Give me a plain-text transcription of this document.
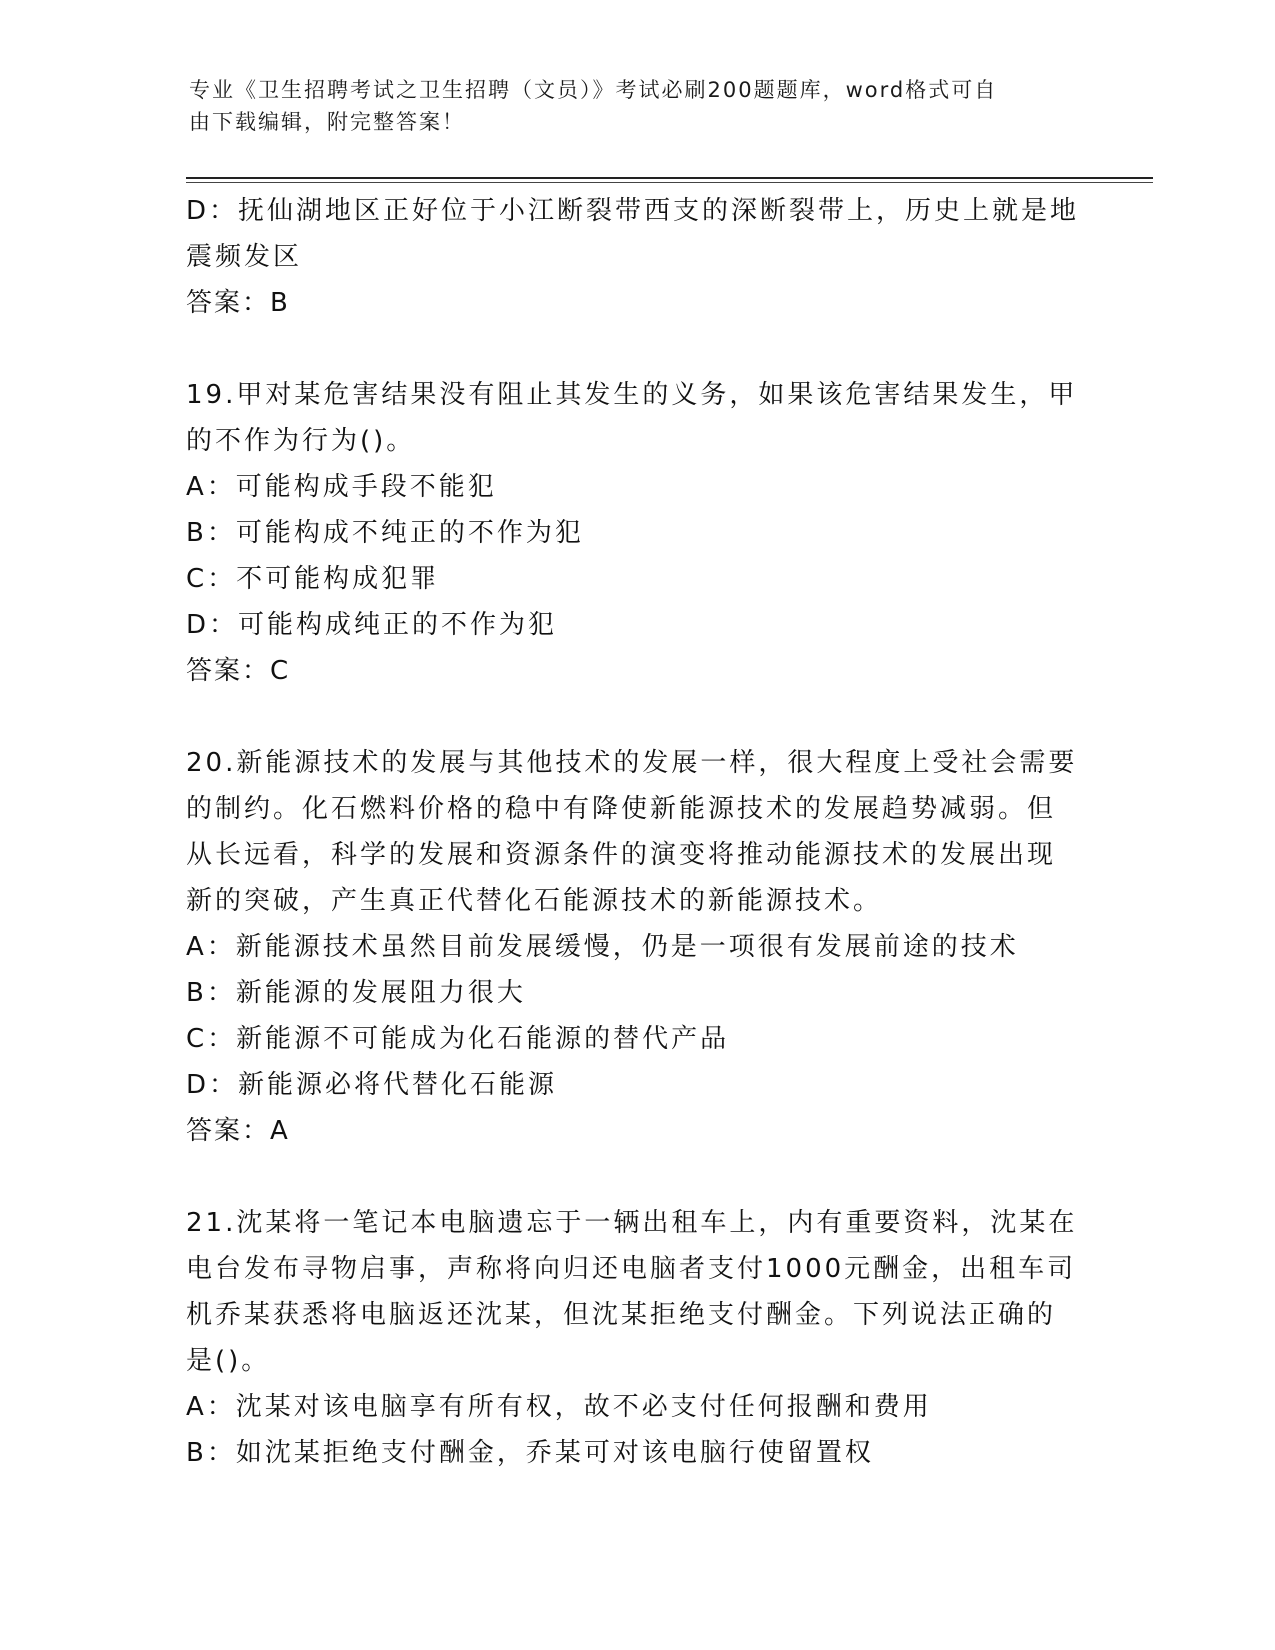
专业《卫生招聘考试之卫生招聘（文员）》考试必刷200题题库，word格式可自
由下载编辑，附完整答案！
D：抚仙湖地区正好位于小江断裂带西支的深断裂带上，历史上就是地
震频发区
答案：B
19.甲对某危害结果没有阻止其发生的义务，如果该危害结果发生，甲
的不作为行为()。
A：可能构成手段不能犯
B：可能构成不纯正的不作为犯
C：不可能构成犯罪
D：可能构成纯正的不作为犯
答案：C
20.新能源技术的发展与其他技术的发展一样，很大程度上受社会需要
的制约。化石燃料价格的稳中有降使新能源技术的发展趋势减弱。但
从长远看，科学的发展和资源条件的演变将推动能源技术的发展出现
新的突破，产生真正代替化石能源技术的新能源技术。
A：新能源技术虽然目前发展缓慢，仍是一项很有发展前途的技术
B：新能源的发展阻力很大
C：新能源不可能成为化石能源的替代产品
D：新能源必将代替化石能源
答案：A
21.沈某将一笔记本电脑遗忘于一辆出租车上，内有重要资料，沈某在
电台发布寻物启事，声称将向归还电脑者支付1000元酬金，出租车司
机乔某获悉将电脑返还沈某，但沈某拒绝支付酬金。下列说法正确的
是()。
A：沈某对该电脑享有所有权，故不必支付任何报酬和费用
B：如沈某拒绝支付酬金，乔某可对该电脑行使留置权
